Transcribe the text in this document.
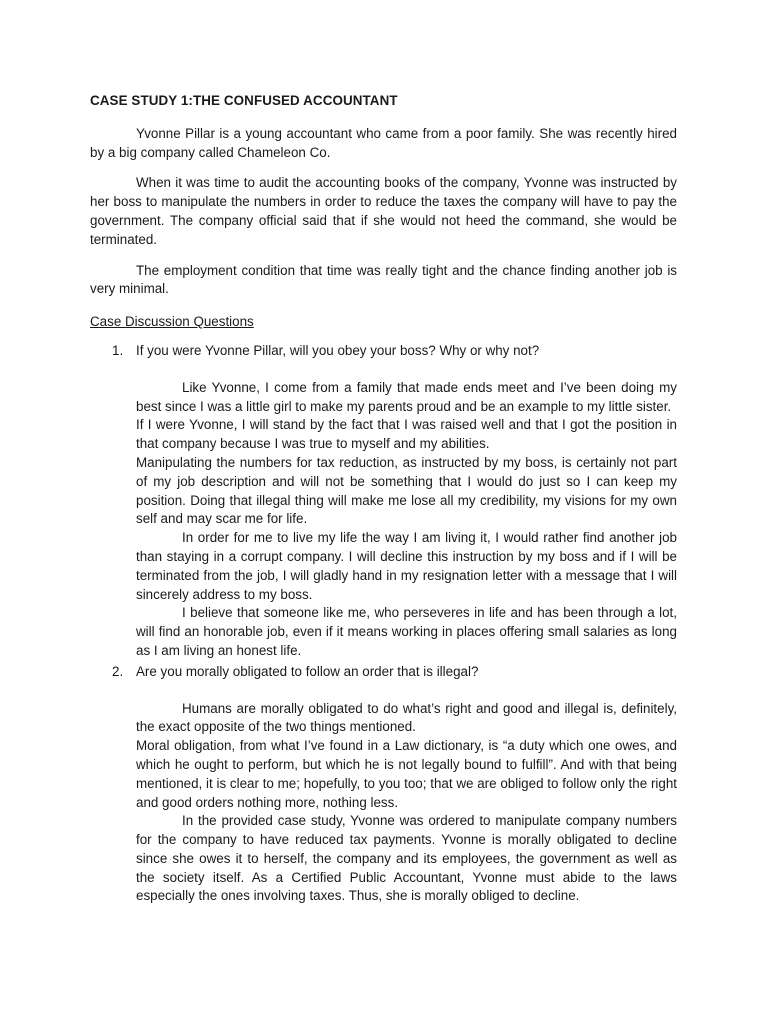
CASE STUDY 1:THE CONFUSED ACCOUNTANT

Yvonne Pillar is a young accountant who came from a poor family. She was recently hired by a big company called Chameleon Co.

When it was time to audit the accounting books of the company, Yvonne was instructed by her boss to manipulate the numbers in order to reduce the taxes the company will have to pay the government. The company official said that if she would not heed the command, she would be terminated.

The employment condition that time was really tight and the chance finding another job is very minimal.

Case Discussion Questions
1. If you were Yvonne Pillar, will you obey your boss? Why or why not?

Like Yvonne, I come from a family that made ends meet and I’ve been doing my best since I was a little girl to make my parents proud and be an example to my little sister.

If I were Yvonne, I will stand by the fact that I was raised well and that I got the position in that company because I was true to myself and my abilities.

Manipulating the numbers for tax reduction, as instructed by my boss, is certainly not part of my job description and will not be something that I would do just so I can keep my position. Doing that illegal thing will make me lose all my credibility, my visions for my own self and may scar me for life.

In order for me to live my life the way I am living it, I would rather find another job than staying in a corrupt company. I will decline this instruction by my boss and if I will be terminated from the job, I will gladly hand in my resignation letter with a message that I will sincerely address to my boss.

I believe that someone like me, who perseveres in life and has been through a lot, will find an honorable job, even if it means working in places offering small salaries as long as I am living an honest life.

2. Are you morally obligated to follow an order that is illegal?

Humans are morally obligated to do what’s right and good and illegal is, definitely, the exact opposite of the two things mentioned.

Moral obligation, from what I’ve found in a Law dictionary, is “a duty which one owes, and which he ought to perform, but which he is not legally bound to fulfill”. And with that being mentioned, it is clear to me; hopefully, to you too; that we are obliged to follow only the right and good orders nothing more, nothing less.

In the provided case study, Yvonne was ordered to manipulate company numbers for the company to have reduced tax payments. Yvonne is morally obligated to decline since she owes it to herself, the company and its employees, the government as well as the society itself. As a Certified Public Accountant, Yvonne must abide to the laws especially the ones involving taxes. Thus, she is morally obliged to decline.
